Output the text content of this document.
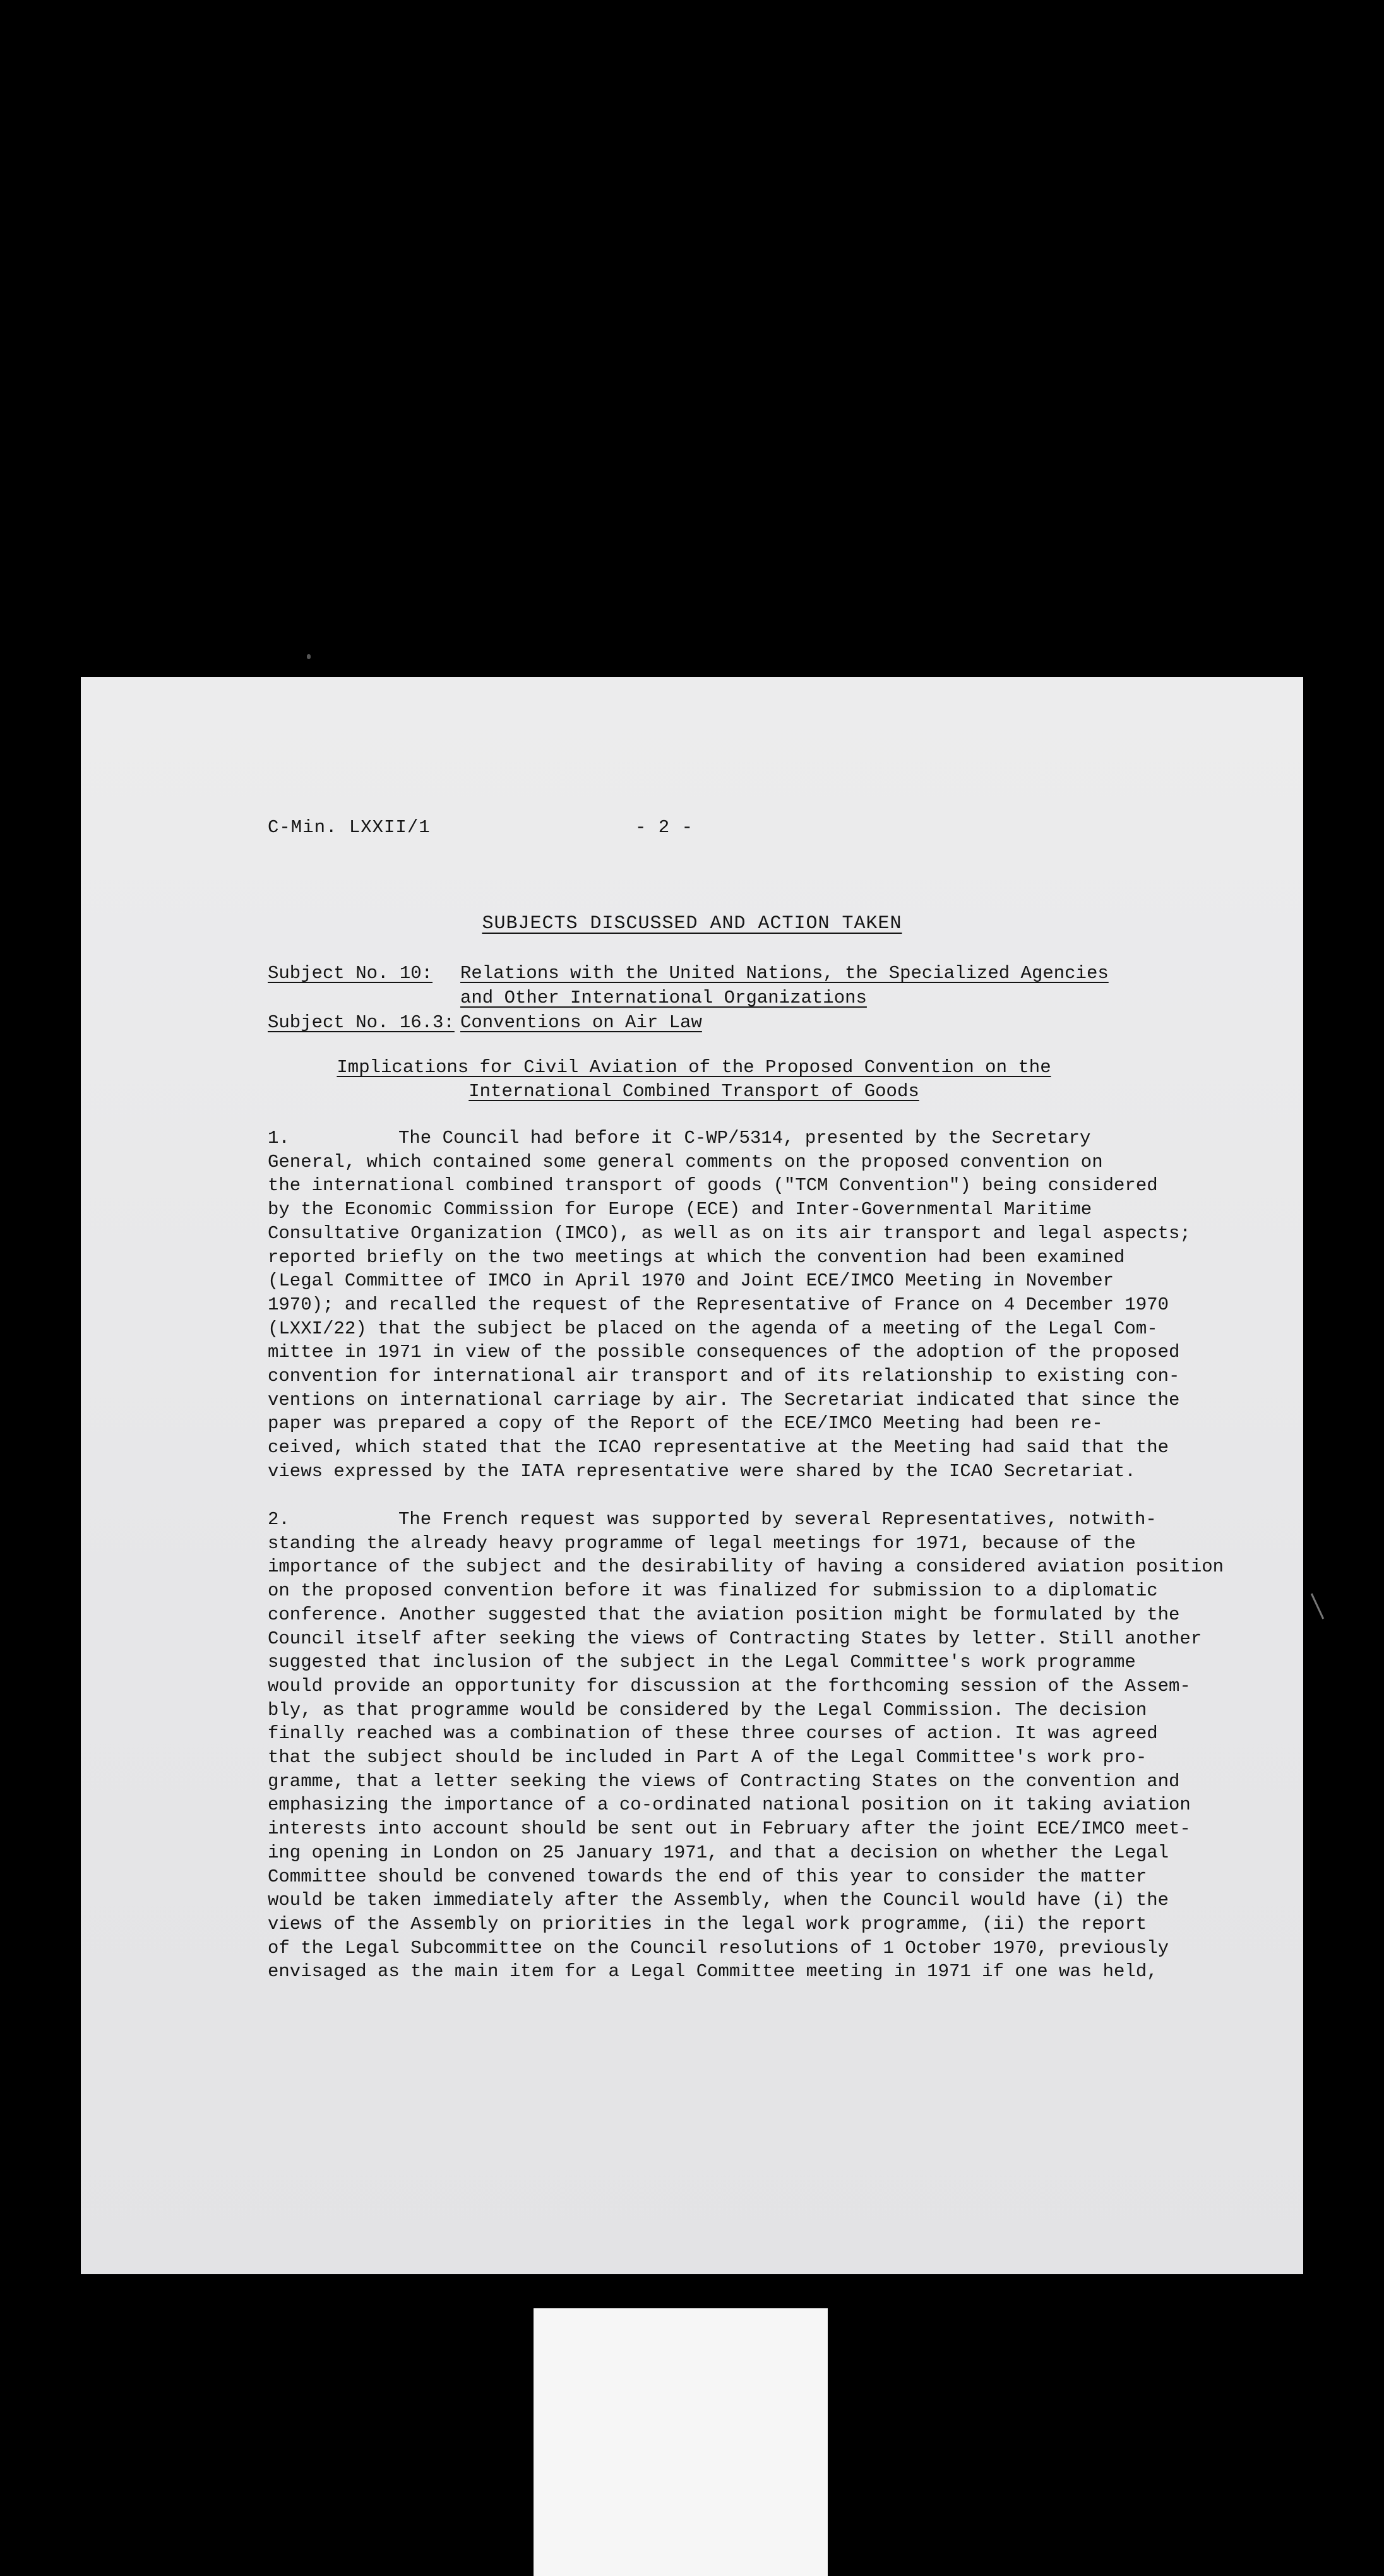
C-Min. LXXII/1	- 2 -
SUBJECTS DISCUSSED AND ACTION TAKEN
Subject No. 10:	Relations with the United Nations, the Specialized Agencies
and Other International Organizations
Subject No. 16.3: Conventions on Air Law
Implications for Civil Aviation of the Proposed Convention on the
International Combined Transport of Goods
1.	The Council had before it C-WP/5314, presented by the Secretary
General, which contained some general comments on the proposed convention on
the international combined transport of goods ("TCM Convention") being considered
by the Economic Commission for Europe (ECE) and Inter-Governmental Maritime
Consultative Organization (IMCO), as well as on its air transport and legal aspects;
reported briefly on the two meetings at which the convention had been examined
(Legal Committee of IMCO in April 1970 and Joint ECE/IMCO Meeting in November
1970); and recalled the request of the Representative of France on 4 December 1970
(LXXI/22) that the subject be placed on the agenda of a meeting of the Legal Com-
mittee in 1971 in view of the possible consequences of the adoption of the proposed
convention for international air transport and of its relationship to existing con-
ventions on international carriage by air. The Secretariat indicated that since the
paper was prepared a copy of the Report of the ECE/IMCO Meeting had been re-
ceived, which stated that the ICAO representative at the Meeting had said that the
views expressed by the IATA representative were shared by the ICAO Secretariat.
2.	The French request was supported by several Representatives, notwith-
standing the already heavy programme of legal meetings for 1971, because of the
importance of the subject and the desirability of having a considered aviation position
on the proposed convention before it was finalized for submission to a diplomatic
conference. Another suggested that the aviation position might be formulated by the
Council itself after seeking the views of Contracting States by letter. Still another
suggested that inclusion of the subject in the Legal Committee's work programme
would provide an opportunity for discussion at the forthcoming session of the Assem-
bly, as that programme would be considered by the Legal Commission. The decision
finally reached was a combination of these three courses of action. It was agreed
that the subject should be included in Part A of the Legal Committee's work pro-
gramme, that a letter seeking the views of Contracting States on the convention and
emphasizing the importance of a co-ordinated national position on it taking aviation
interests into account should be sent out in February after the joint ECE/IMCO meet-
ing opening in London on 25 January 1971, and that a decision on whether the Legal
Committee should be convened towards the end of this year to consider the matter
would be taken immediately after the Assembly, when the Council would have (i) the
views of the Assembly on priorities in the legal work programme, (ii) the report
of the Legal Subcommittee on the Council resolutions of 1 October 1970, previously
envisaged as the main item for a Legal Committee meeting in 1971 if one was held,
